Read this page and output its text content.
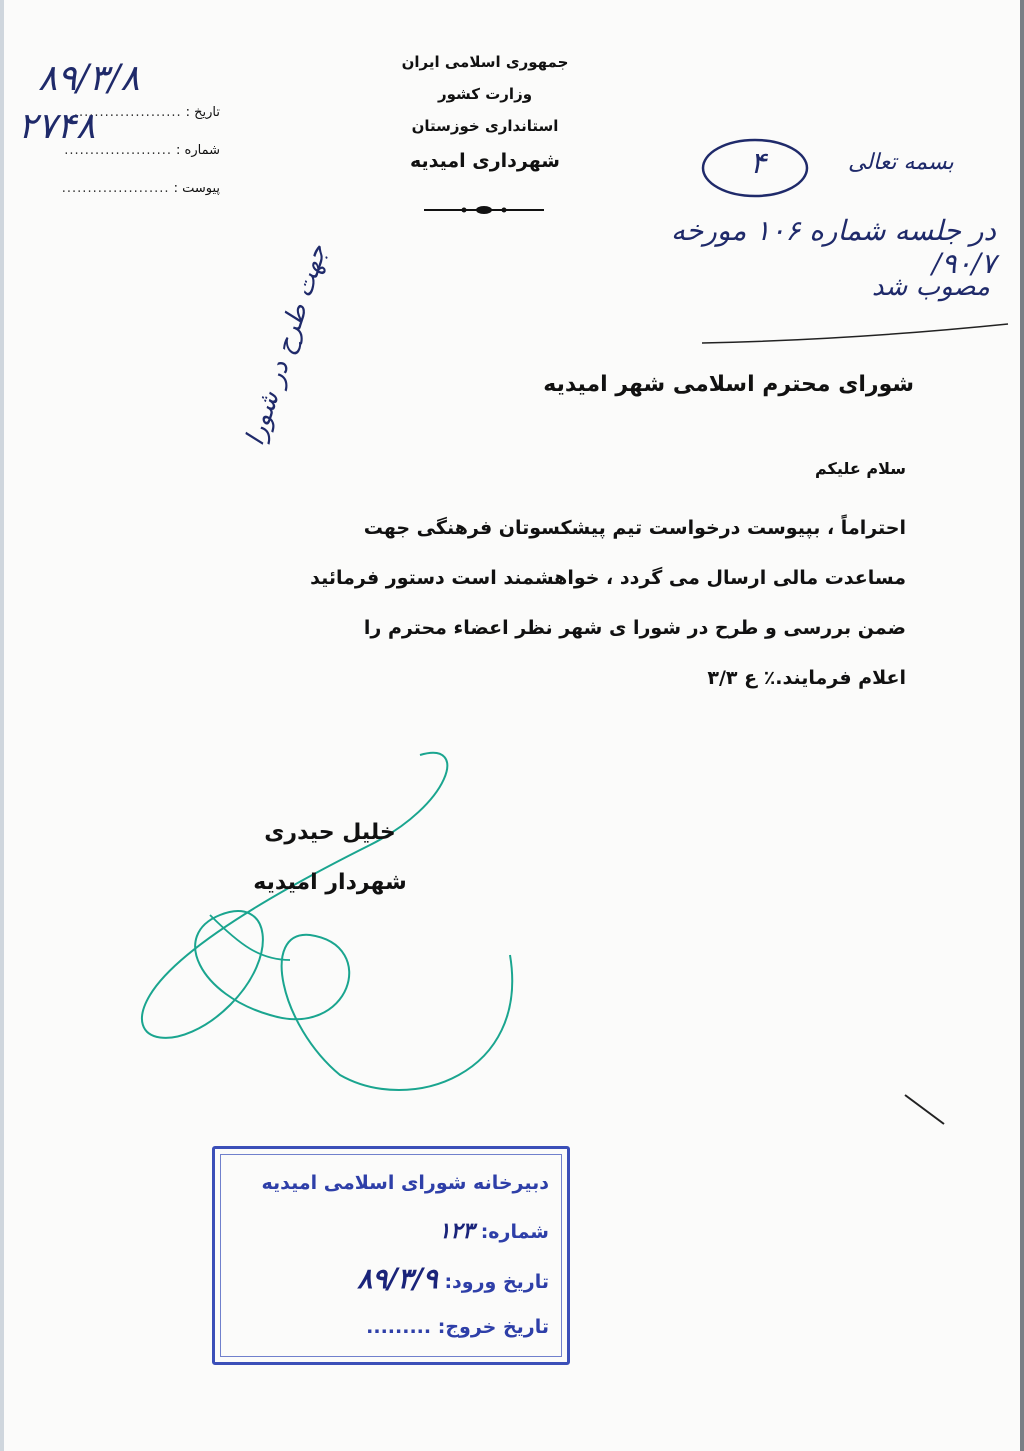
جمهوری اسلامی ایران
وزارت کشور
استانداری خوزستان
شهرداری امیدیه
تاریخ :
.....................
شماره :
.....................
پیوست :
.....................
۸۹/۳/۸
۲۷۴۸
بسمه تعالی
۴
در جلسه شماره ۱۰۶ مورخه ۹۰/۷/
مصوب شد
جهت طرح در شورا	شورای محترم اسلامی شهر امیدیه
سلام علیکم

احتراماً ، بپیوست درخواست تیم پیشکسوتان فرهنگی جهت

مساعدت مالی ارسال می گردد ، خواهشمند است دستور فرمائید

ضمن بررسی و طرح در شورا ی شهر نظر اعضاء محترم را

اعلام فرمایند.٪ ع ۳/۳

خلیل حیدری
شهردار امیدیه
دبیرخانه شورای اسلامی امیدیه
شماره: ۱۲۳
تاریخ ورود: ۸۹/۳/۹
تاریخ خروج: .........
